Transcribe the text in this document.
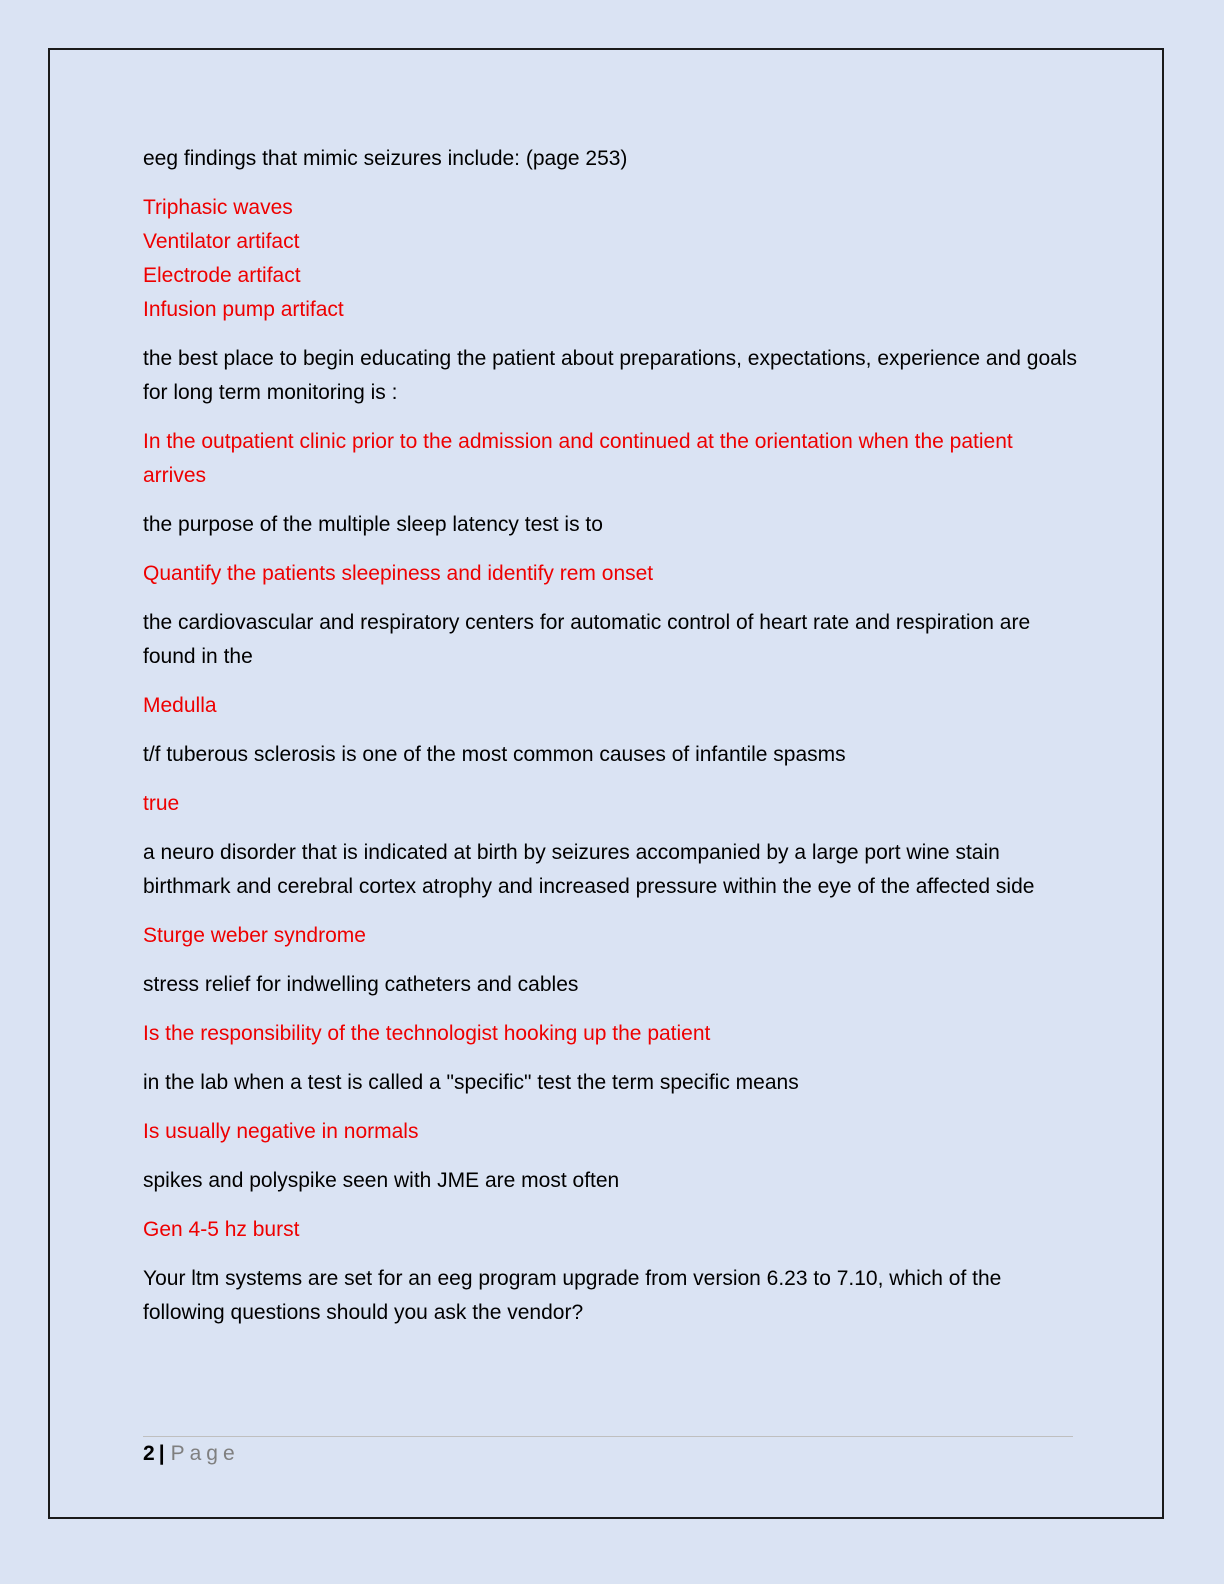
eeg findings that mimic seizures include: (page 253)

Triphasic waves
Ventilator artifact
Electrode artifact
Infusion pump artifact

the best place to begin educating the patient about preparations, expectations, experience and goals for long term monitoring is :

In the outpatient clinic prior to the admission and continued at the orientation when the patient arrives

the purpose of the multiple sleep latency test is to

Quantify the patients sleepiness and identify rem onset

the cardiovascular and respiratory centers for automatic control of heart rate and respiration are found in the

Medulla

t/f tuberous sclerosis is one of the most common causes of infantile spasms

true

a neuro disorder that is indicated at birth by seizures accompanied by a large port wine stain birthmark and cerebral cortex atrophy and increased pressure within the eye of the affected side

Sturge weber syndrome

stress relief for indwelling catheters and cables

Is the responsibility of the technologist hooking up the patient

in the lab when a test is called a "specific" test the term specific means

Is usually negative in normals

spikes and polyspike seen with JME are most often

Gen 4-5 hz burst

Your ltm systems are set for an eeg program upgrade from version 6.23 to 7.10, which of the following questions should you ask the vendor?

2 | Page
